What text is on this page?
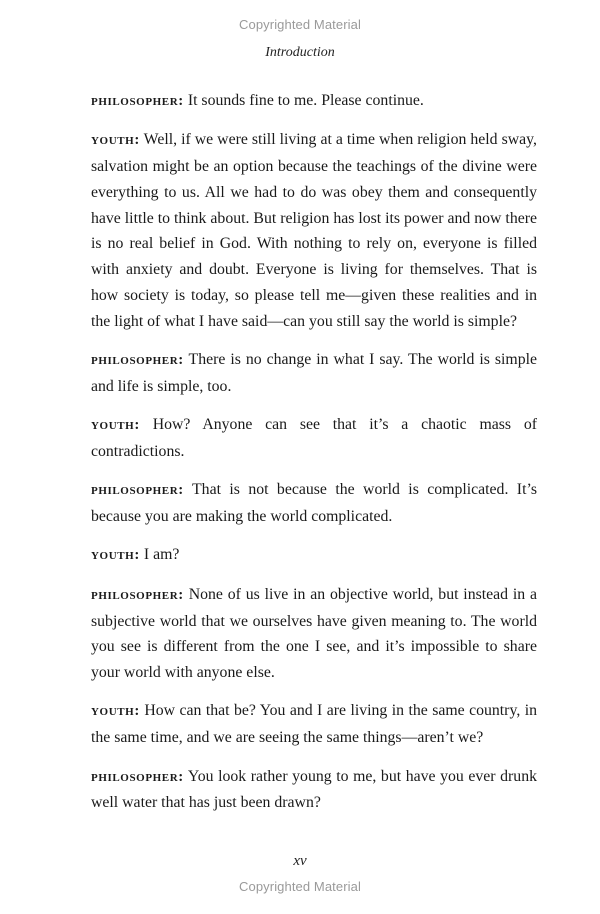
Copyrighted Material
Introduction

philosopher: It sounds fine to me. Please continue.

youth: Well, if we were still living at a time when religion held sway, salvation might be an option because the teachings of the divine were everything to us. All we had to do was obey them and consequently have little to think about. But religion has lost its power and now there is no real belief in God. With nothing to rely on, everyone is filled with anxiety and doubt. Everyone is living for themselves. That is how society is today, so please tell me—given these realities and in the light of what I have said—can you still say the world is simple?

philosopher: There is no change in what I say. The world is simple and life is simple, too.

youth: How? Anyone can see that it’s a chaotic mass of contradictions.

philosopher: That is not because the world is complicated. It’s because you are making the world complicated.

youth: I am?

philosopher: None of us live in an objective world, but instead in a subjective world that we ourselves have given meaning to. The world you see is different from the one I see, and it’s impossible to share your world with anyone else.

youth: How can that be? You and I are living in the same country, in the same time, and we are seeing the same things—aren’t we?

philosopher: You look rather young to me, but have you ever drunk well water that has just been drawn?

xv
Copyrighted Material
